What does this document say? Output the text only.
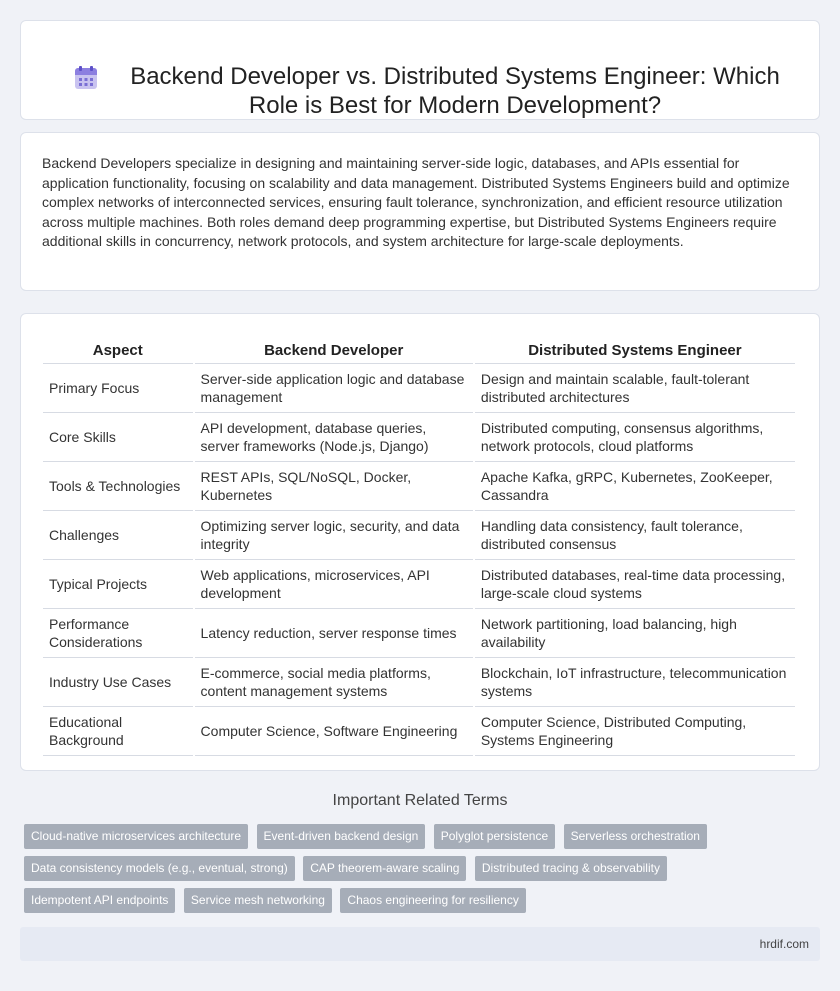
Backend Developer vs. Distributed Systems Engineer: Which Role is Best for Modern Development?

Backend Developers specialize in designing and maintaining server-side logic, databases, and APIs essential for application functionality, focusing on scalability and data management. Distributed Systems Engineers build and optimize complex networks of interconnected services, ensuring fault tolerance, synchronization, and efficient resource utilization across multiple machines. Both roles demand deep programming expertise, but Distributed Systems Engineers require additional skills in concurrency, network protocols, and system architecture for large-scale deployments.

Aspect	Backend Developer	Distributed Systems Engineer
Primary Focus	Server-side application logic and database management	Design and maintain scalable, fault-tolerant distributed architectures
Core Skills	API development, database queries, server frameworks (Node.js, Django)	Distributed computing, consensus algorithms, network protocols, cloud platforms
Tools & Technologies	REST APIs, SQL/NoSQL, Docker, Kubernetes	Apache Kafka, gRPC, Kubernetes, ZooKeeper, Cassandra
Challenges	Optimizing server logic, security, and data integrity	Handling data consistency, fault tolerance, distributed consensus
Typical Projects	Web applications, microservices, API development	Distributed databases, real-time data processing, large-scale cloud systems
Performance Considerations	Latency reduction, server response times	Network partitioning, load balancing, high availability
Industry Use Cases	E-commerce, social media platforms, content management systems	Blockchain, IoT infrastructure, telecommunication systems
Educational Background	Computer Science, Software Engineering	Computer Science, Distributed Computing, Systems Engineering
Important Related Terms
Cloud-native microservices architecture Event-driven backend design Polyglot persistence Serverless orchestration Data consistency models (e.g., eventual, strong) CAP theorem-aware scaling Distributed tracing & observability Idempotent API endpoints Service mesh networking Chaos engineering for resiliency
hrdif.com
